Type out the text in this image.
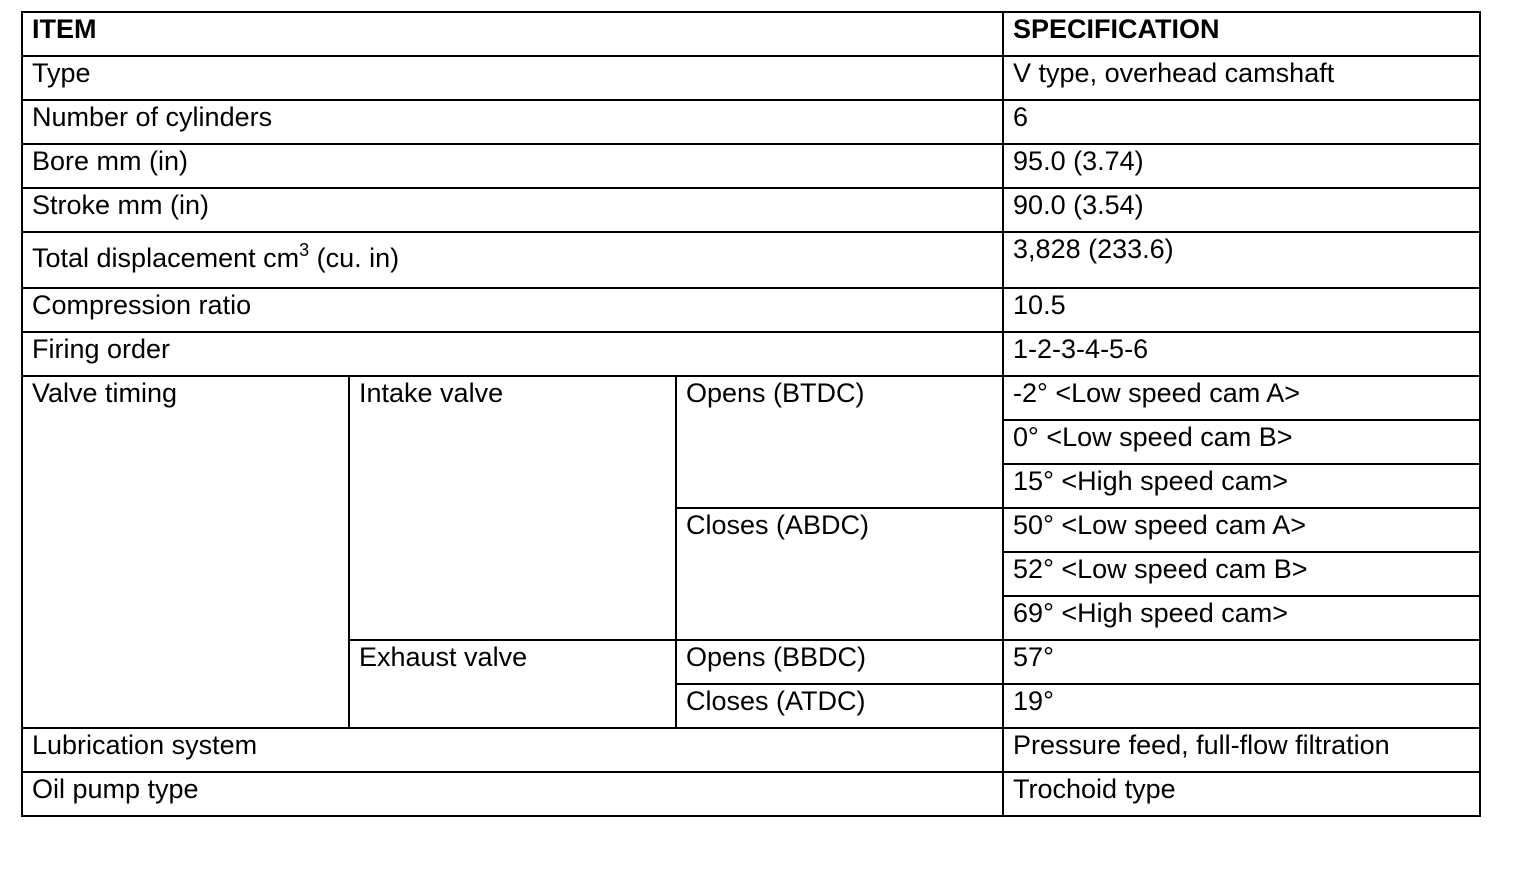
ITEM			SPECIFICATION
Type			V type, overhead camshaft
Number of cylinders			6
Bore mm (in)			95.0 (3.74)
Stroke mm (in)			90.0 (3.54)
Total displacement $cm^3$ (cu. in)			3,828 (233.6)
Compression ratio			10.5
Firing order			1-2-3-4-5-6
Valve timing	Intake valve	Opens (BTDC)	-2° <Low speed cam A>
			0° <Low speed cam B>
			15° <High speed cam>
		Closes (ABDC)	50° <Low speed cam A>
			52° <Low speed cam B>
			69° <High speed cam>
	Exhaust valve	Opens (BBDC)	57°
		Closes (ATDC)	19°
Lubrication system			Pressure feed, full-flow filtration
Oil pump type			Trochoid type
